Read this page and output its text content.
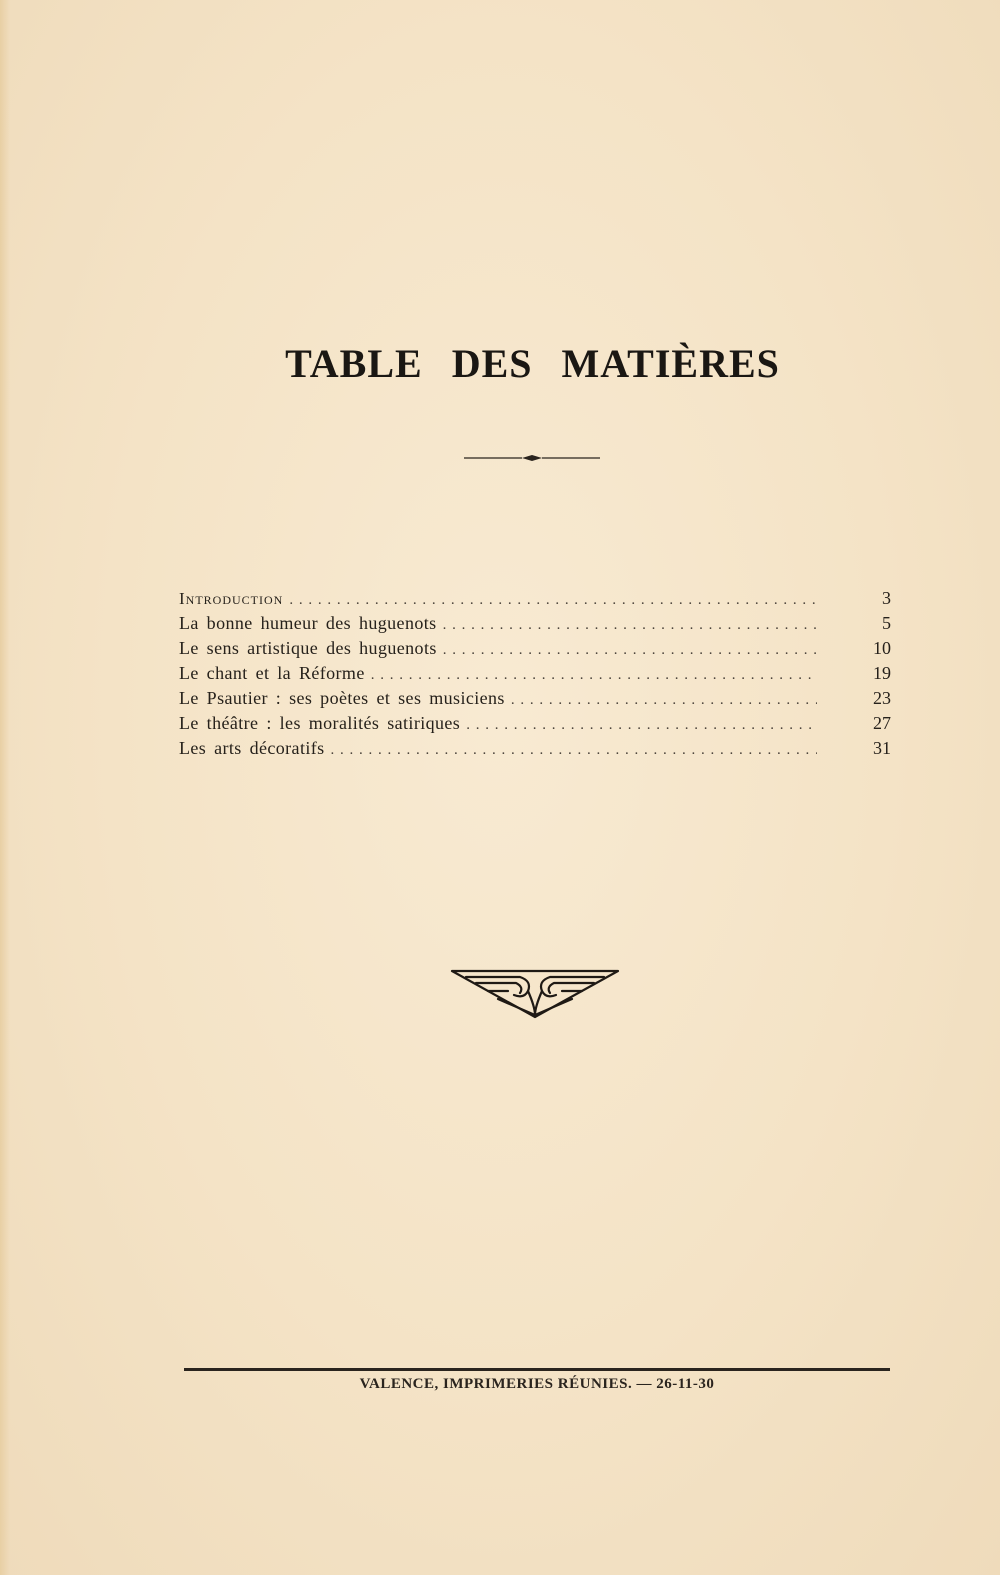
TABLE DES MATIÈRES
Introduction . .	3
La bonne humeur des huguenots . .	5
Le sens artistique des huguenots . .	10
Le chant et la Réforme . .	19
Le Psautier : ses poètes et ses musiciens . .	23
Le théâtre : les moralités satiriques . .	27
Les arts décoratifs . .	31
VALENCE, IMPRIMERIES RÉUNIES. — 26-11-30
